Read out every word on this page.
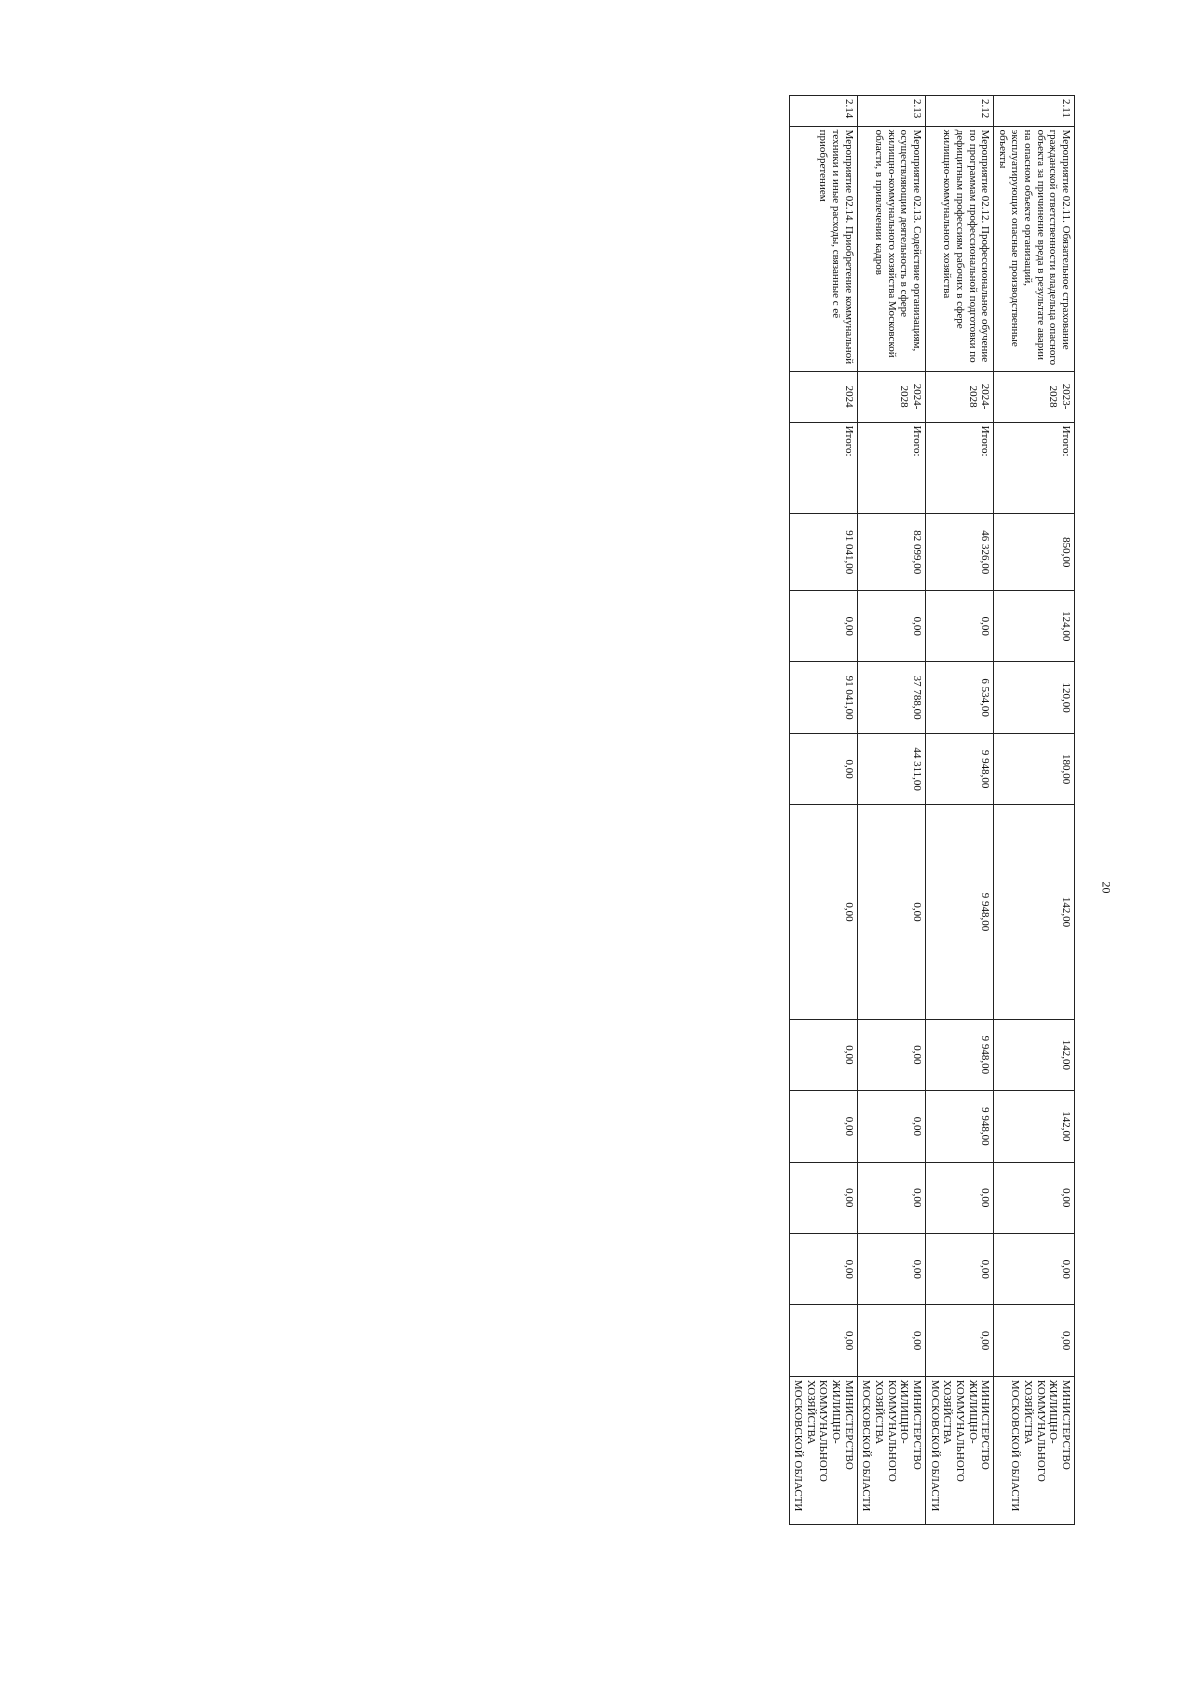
2.11	Мероприятие 02.11. Обязательное страхование гражданской ответственности владельца опасного объекта за причинение вреда в результате аварии на опасном объекте организаций, эксплуатирующих опасные производственные объекты	2023-2028	Итого:	850,00	124,00	120,00	180,00	142,00	142,00	142,00	0,00	0,00	0,00	МИНИСТЕРСТВО ЖИЛИЩНО-КОММУНАЛЬНОГО ХОЗЯЙСТВА МОСКОВСКОЙ ОБЛАСТИ
2.12	Мероприятие 02.12. Профессиональное обучение по программам профессиональной подготовки по дефицитным профессиям рабочих в сфере жилищно-коммунального хозяйства	2024-2028	Итого:	46 326,00	0,00	6 534,00	9 948,00	9 948,00	9 948,00	9 948,00	0,00	0,00	0,00	МИНИСТЕРСТВО ЖИЛИЩНО-КОММУНАЛЬНОГО ХОЗЯЙСТВА МОСКОВСКОЙ ОБЛАСТИ
2.13	Мероприятие 02.13. Содействие организациям, осуществляющим деятельность в сфере жилищно-коммунального хозяйства Московской области, в привлечении кадров	2024-2028	Итого:	82 099,00	0,00	37 788,00	44 311,00	0,00	0,00	0,00	0,00	0,00	0,00	МИНИСТЕРСТВО ЖИЛИЩНО-КОММУНАЛЬНОГО ХОЗЯЙСТВА МОСКОВСКОЙ ОБЛАСТИ
2.14	Мероприятие 02.14. Приобретение коммунальной техники и иные расходы, связанные с её приобретением	2024	Итого:	91 041,00	0,00	91 041,00	0,00	0,00	0,00	0,00	0,00	0,00	0,00	МИНИСТЕРСТВО ЖИЛИЩНО-КОММУНАЛЬНОГО ХОЗЯЙСТВА МОСКОВСКОЙ ОБЛАСТИ
20
